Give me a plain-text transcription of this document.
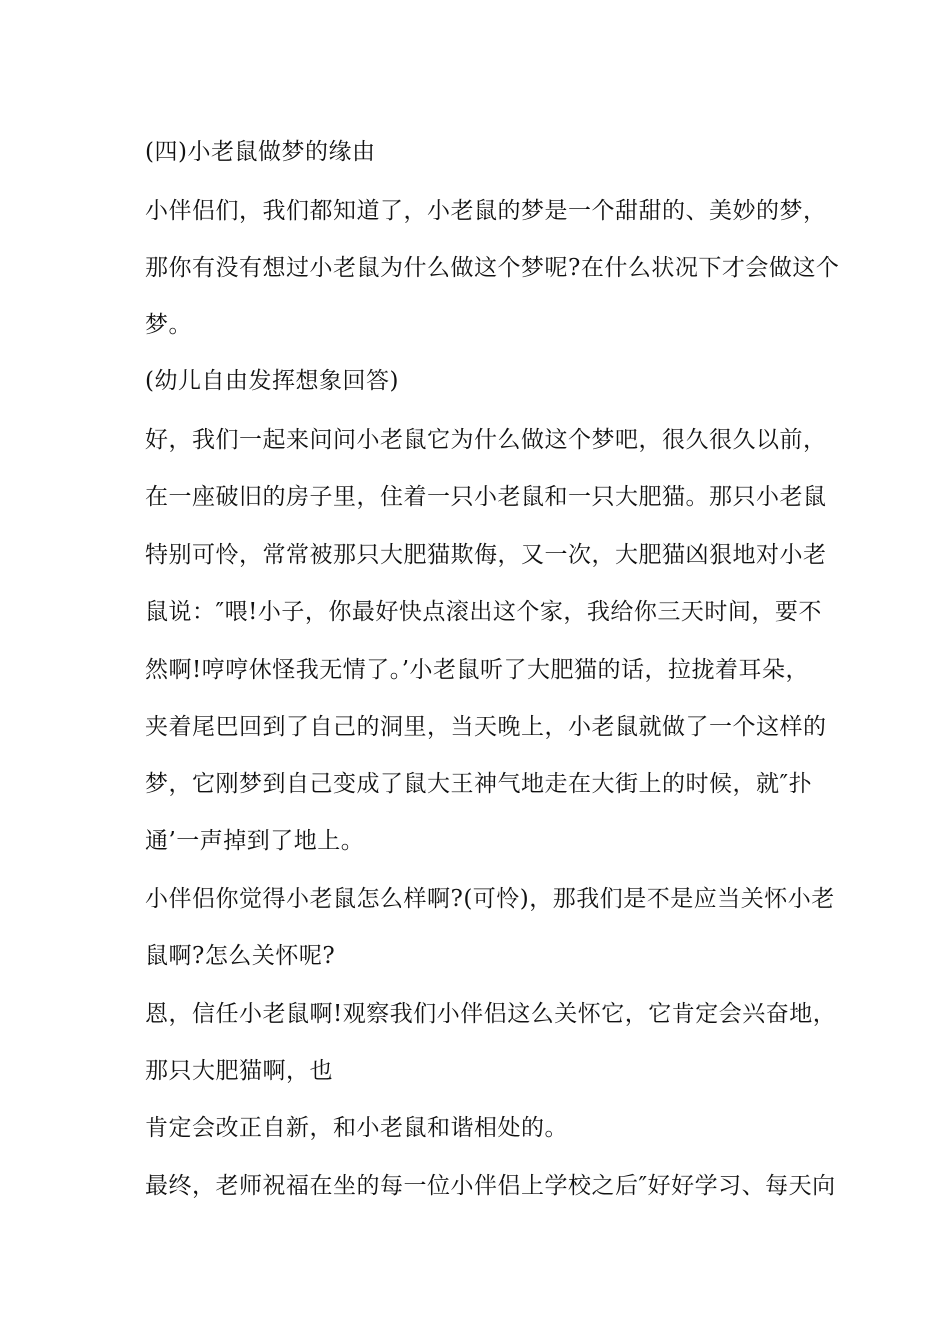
(四)小老鼠做梦的缘由
小伴侣们，我们都知道了，小老鼠的梦是一个甜甜的、美妙的梦，
那你有没有想过小老鼠为什么做这个梦呢?在什么状况下才会做这个
梦。
(幼儿自由发挥想象回答)
好，我们一起来问问小老鼠它为什么做这个梦吧，很久很久以前，
在一座破旧的房子里，住着一只小老鼠和一只大肥猫。那只小老鼠
特别可怜，常常被那只大肥猫欺侮，又一次，大肥猫凶狠地对小老
鼠说：″喂!小子，你最好快点滚出这个家，我给你三天时间，要不
然啊!哼哼休怪我无情了。’小老鼠听了大肥猫的话，拉拢着耳朵，
夹着尾巴回到了自己的洞里，当天晚上，小老鼠就做了一个这样的
梦，它刚梦到自己变成了鼠大王神气地走在大街上的时候，就″扑
通’一声掉到了地上。
小伴侣你觉得小老鼠怎么样啊?(可怜)，那我们是不是应当关怀小老
鼠啊?怎么关怀呢?
恩，信任小老鼠啊!观察我们小伴侣这么关怀它，它肯定会兴奋地，
那只大肥猫啊，也
肯定会改正自新，和小老鼠和谐相处的。
最终，老师祝福在坐的每一位小伴侣上学校之后″好好学习、每天向
